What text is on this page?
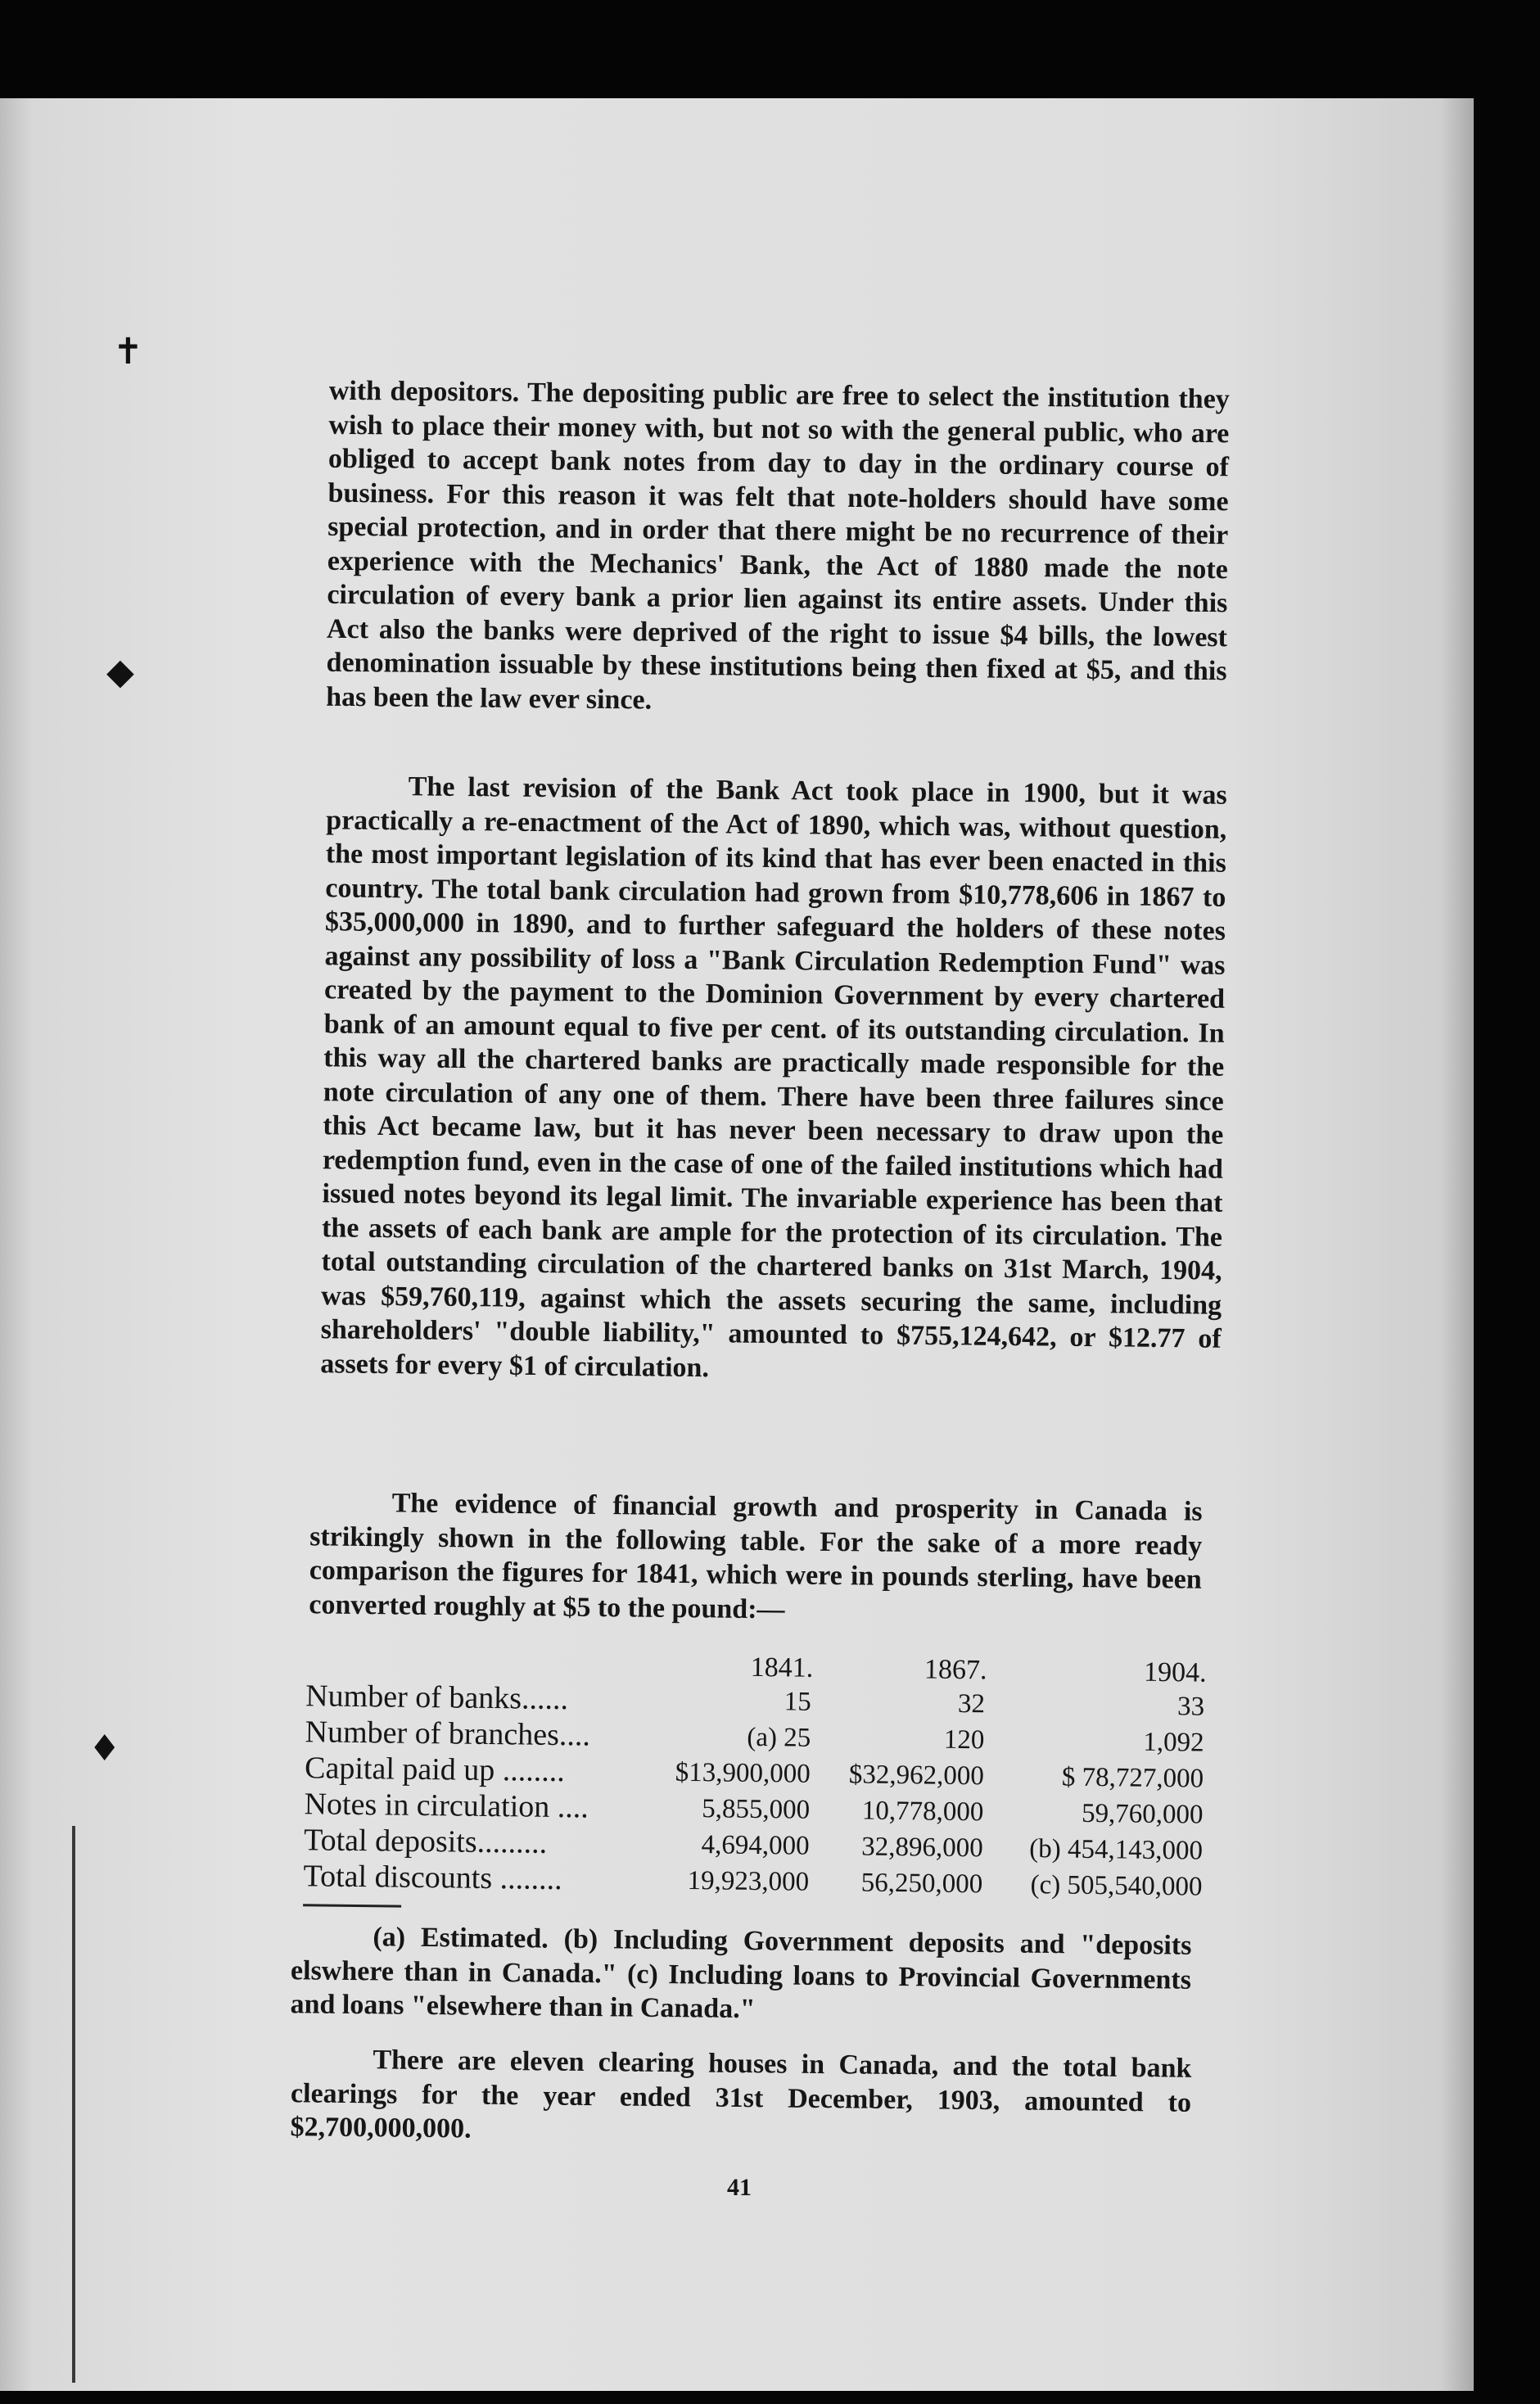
✝
◆
♦

with depositors. The depositing public are free to select the institution they wish to place their money with, but not so with the general public, who are obliged to accept bank notes from day to day in the ordinary course of business. For this reason it was felt that note-holders should have some special protection, and in order that there might be no recurrence of their experience with the Mechanics' Bank, the Act of 1880 made the note circulation of every bank a prior lien against its entire assets. Under this Act also the banks were deprived of the right to issue $4 bills, the lowest denomination issuable by these institutions being then fixed at $5, and this has been the law ever since.

The last revision of the Bank Act took place in 1900, but it was practically a re-enactment of the Act of 1890, which was, without question, the most important legislation of its kind that has ever been enacted in this country. The total bank circulation had grown from $10,778,606 in 1867 to $35,000,000 in 1890, and to further safeguard the holders of these notes against any possibility of loss a "Bank Circulation Redemption Fund" was created by the payment to the Dominion Government by every chartered bank of an amount equal to five per cent. of its outstanding circulation. In this way all the chartered banks are practically made responsible for the note circulation of any one of them. There have been three failures since this Act became law, but it has never been necessary to draw upon the redemption fund, even in the case of one of the failed institutions which had issued notes beyond its legal limit. The invariable experience has been that the assets of each bank are ample for the protection of its circulation. The total outstanding circulation of the chartered banks on 31st March, 1904, was $59,760,119, against which the assets securing the same, including shareholders' "double liability," amounted to $755,124,642, or $12.77 of assets for every $1 of circulation.

The evidence of financial growth and prosperity in Canada is strikingly shown in the following table. For the sake of a more ready comparison the figures for 1841, which were in pounds sterling, have been converted roughly at $5 to the pound:—

	1841.	1867.	1904.
Number of banks......	15	32	33
Number of branches....	(a) 25	120	1,092
Capital paid up ........	$13,900,000	$32,962,000	$ 78,727,000
Notes in circulation ....	5,855,000	10,778,000	59,760,000
Total deposits.........	4,694,000	32,896,000	(b) 454,143,000
Total discounts ........	19,923,000	56,250,000	(c) 505,540,000

(a) Estimated. (b) Including Government deposits and "deposits elswhere than in Canada." (c) Including loans to Provincial Governments and loans "elsewhere than in Canada."

There are eleven clearing houses in Canada, and the total bank clearings for the year ended 31st December, 1903, amounted to $2,700,000,000.

41
